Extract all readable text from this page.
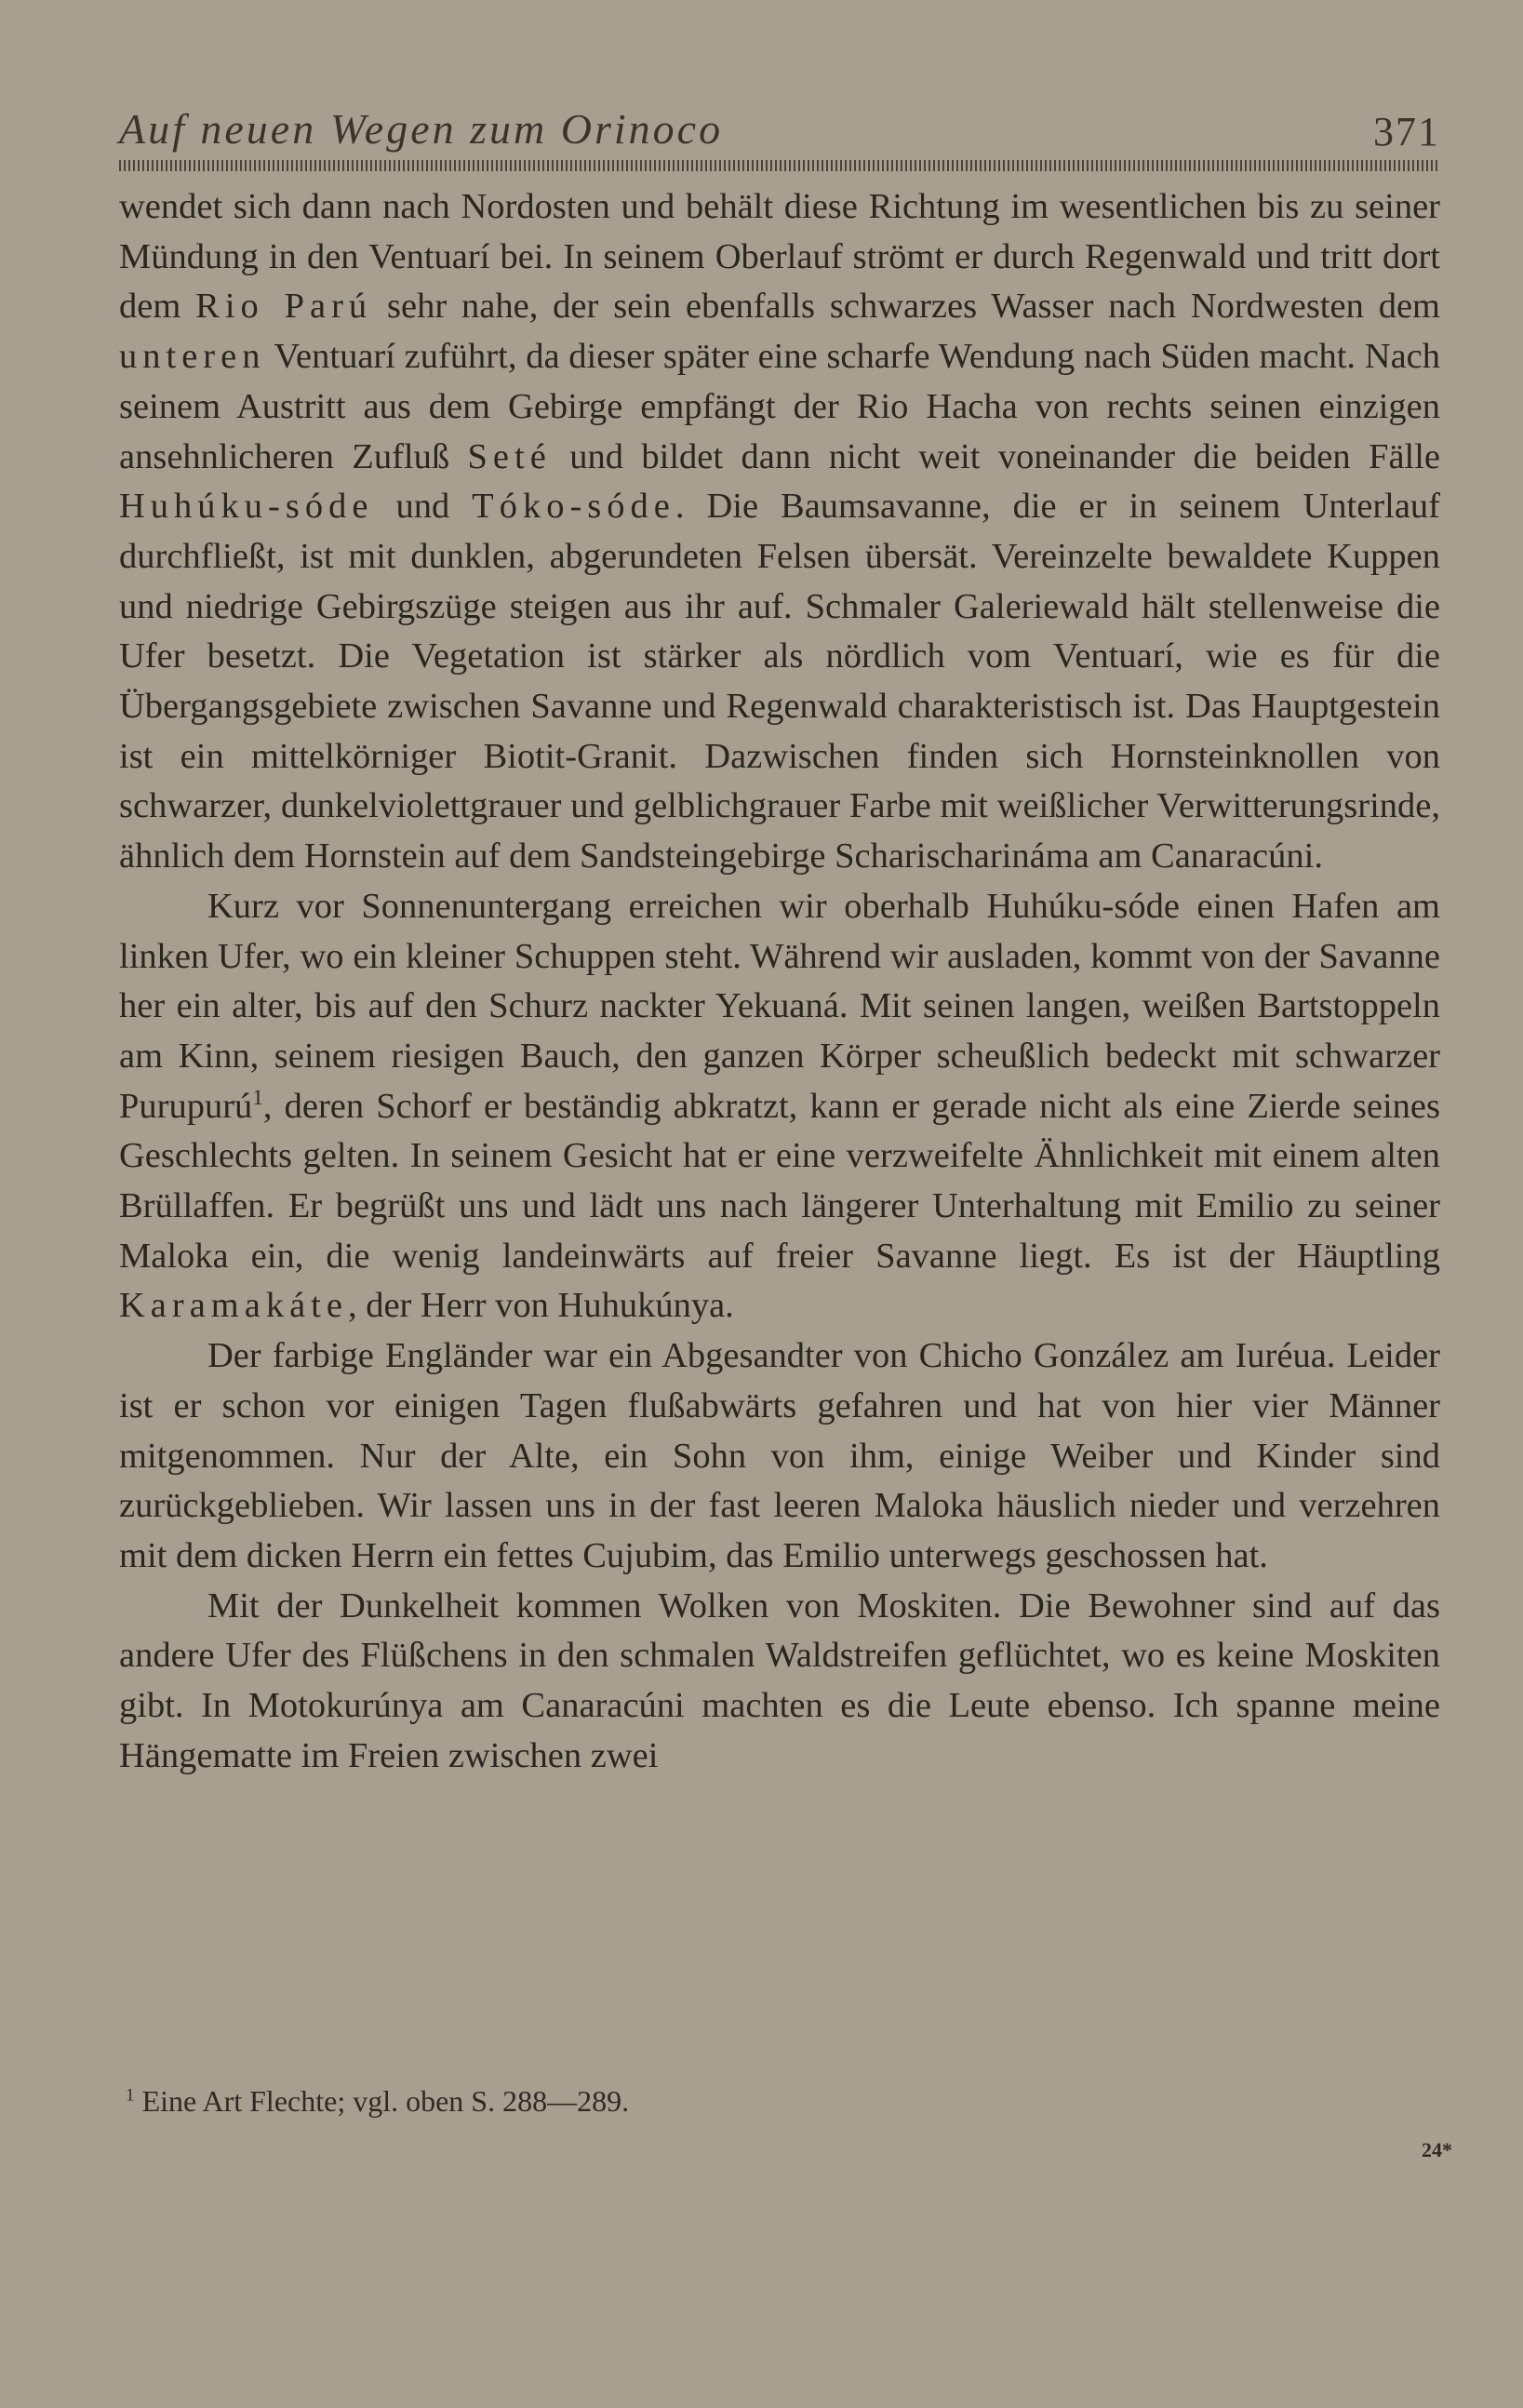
Auf neuen Wegen zum Orinoco	371

wendet sich dann nach Nordosten und behält diese Richtung im wesentlichen bis zu seiner Mündung in den Ventuarí bei. In seinem Oberlauf strömt er durch Regenwald und tritt dort dem Rio Parú sehr nahe, der sein ebenfalls schwarzes Wasser nach Nordwesten dem unteren Ventuarí zuführt, da dieser später eine scharfe Wendung nach Süden macht. Nach seinem Austritt aus dem Gebirge empfängt der Rio Hacha von rechts seinen einzigen ansehnlicheren Zufluß Seté und bildet dann nicht weit voneinander die beiden Fälle Huhúku-sóde und Tóko-sóde. Die Baumsavanne, die er in seinem Unterlauf durchfließt, ist mit dunklen, abgerundeten Felsen übersät. Vereinzelte bewaldete Kuppen und niedrige Gebirgszüge steigen aus ihr auf. Schmaler Galeriewald hält stellenweise die Ufer besetzt. Die Vegetation ist stärker als nördlich vom Ventuarí, wie es für die Übergangsgebiete zwischen Savanne und Regenwald charakteristisch ist. Das Hauptgestein ist ein mittelkörniger Biotit-Granit. Dazwischen finden sich Hornsteinknollen von schwarzer, dunkelviolettgrauer und gelblichgrauer Farbe mit weißlicher Verwitterungsrinde, ähnlich dem Hornstein auf dem Sandsteingebirge Scharischarináma am Canaracúni.

Kurz vor Sonnenuntergang erreichen wir oberhalb Huhúku-sóde einen Hafen am linken Ufer, wo ein kleiner Schuppen steht. Während wir ausladen, kommt von der Savanne her ein alter, bis auf den Schurz nackter Yekuaná. Mit seinen langen, weißen Bartstoppeln am Kinn, seinem riesigen Bauch, den ganzen Körper scheußlich bedeckt mit schwarzer Purupurú$^1$, deren Schorf er beständig abkratzt, kann er gerade nicht als eine Zierde seines Geschlechts gelten. In seinem Gesicht hat er eine verzweifelte Ähnlichkeit mit einem alten Brüllaffen. Er begrüßt uns und lädt uns nach längerer Unterhaltung mit Emilio zu seiner Maloka ein, die wenig landeinwärts auf freier Savanne liegt. Es ist der Häuptling Karamakáte, der Herr von Huhukúnya.

Der farbige Engländer war ein Abgesandter von Chicho González am Iuréua. Leider ist er schon vor einigen Tagen flußabwärts gefahren und hat von hier vier Männer mitgenommen. Nur der Alte, ein Sohn von ihm, einige Weiber und Kinder sind zurückgeblieben. Wir lassen uns in der fast leeren Maloka häuslich nieder und verzehren mit dem dicken Herrn ein fettes Cujubim, das Emilio unterwegs geschossen hat.

Mit der Dunkelheit kommen Wolken von Moskiten. Die Bewohner sind auf das andere Ufer des Flüßchens in den schmalen Waldstreifen geflüchtet, wo es keine Moskiten gibt. In Motokurúnya am Canaracúni machten es die Leute ebenso. Ich spanne meine Hängematte im Freien zwischen zwei

$^1$ Eine Art Flechte; vgl. oben S. 288—289.
24*
